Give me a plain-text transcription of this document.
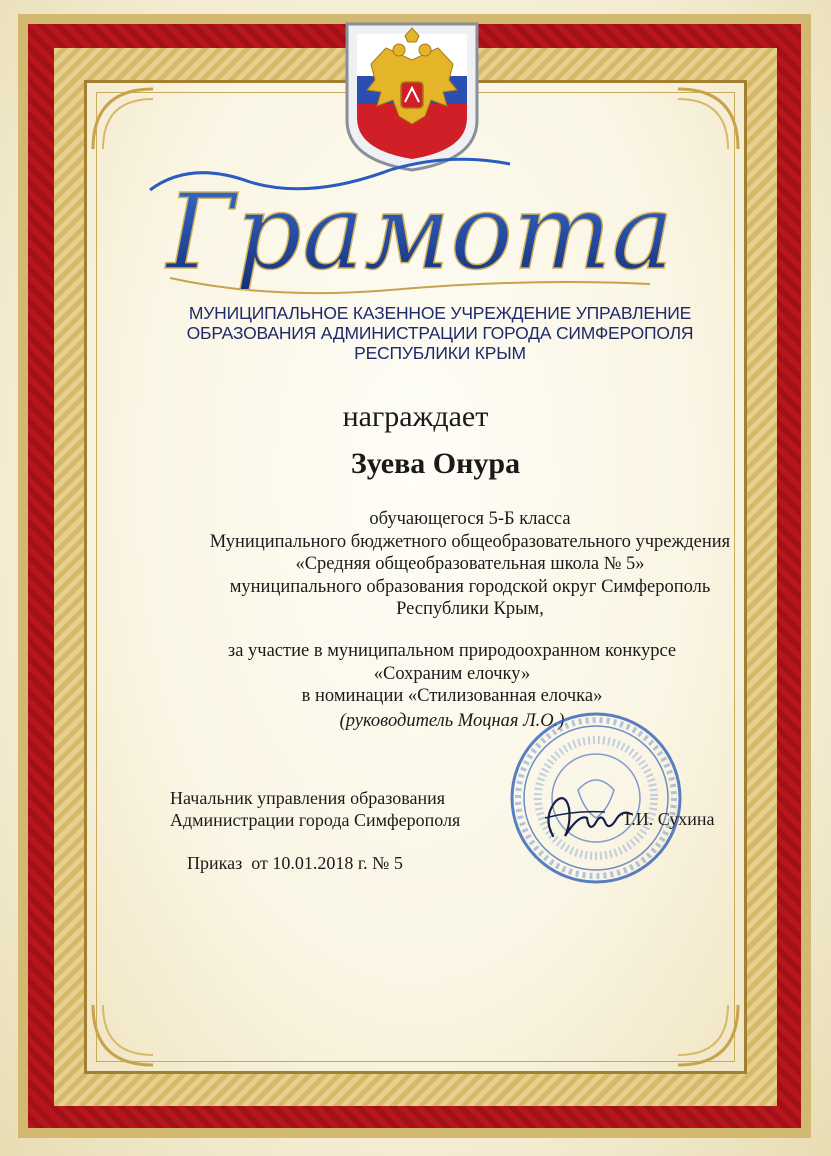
Грамота
МУНИЦИПАЛЬНОЕ КАЗЕННОЕ УЧРЕЖДЕНИЕ УПРАВЛЕНИЕ
ОБРАЗОВАНИЯ АДМИНИСТРАЦИИ ГОРОДА СИМФЕРОПОЛЯ
РЕСПУБЛИКИ КРЫМ
награждает
Зуева Онура
обучающегося 5-Б класса
Муниципального бюджетного общеобразовательного учреждения
«Средняя общеобразовательная школа № 5»
муниципального образования городской округ Симферополь
Республики Крым,
за участие в муниципальном природоохранном конкурсе
«Сохраним елочку»
в номинации «Стилизованная елочка»
(руководитель Моцная Л.О.)
Начальник управления образования
Администрации города Симферополя	Т.И. Сухина
Приказ  от 10.01.2018 г. № 5
